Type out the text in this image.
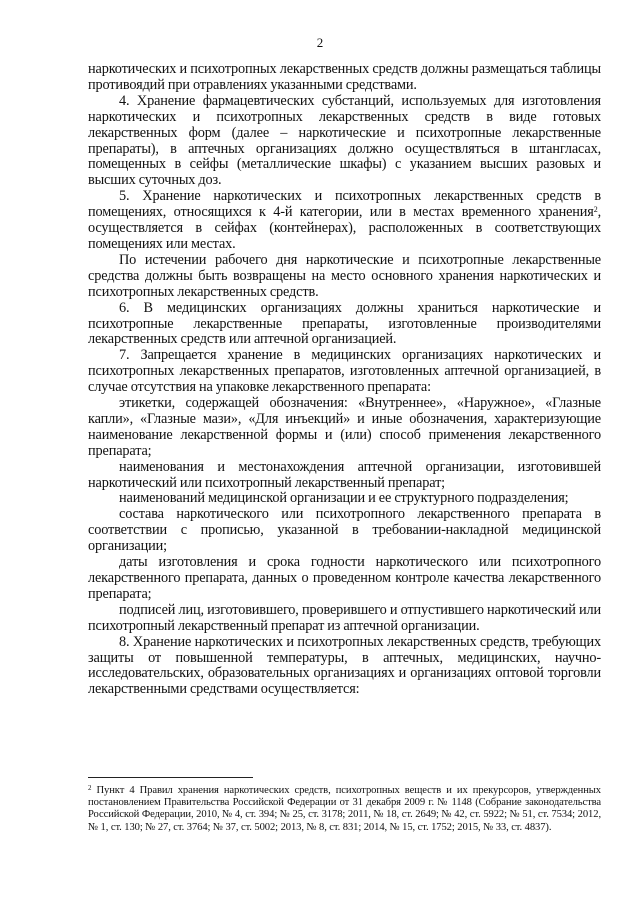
2

наркотических и психотропных лекарственных средств должны размещаться таблицы противоядий при отравлениях указанными средствами.

4. Хранение фармацевтических субстанций, используемых для изготовления наркотических и психотропных лекарственных средств в виде готовых лекарственных форм (далее – наркотические и психотропные лекарственные препараты), в аптечных организациях должно осуществляться в штангласах, помещенных в сейфы (металлические шкафы) с указанием высших разовых и высших суточных доз.

5. Хранение наркотических и психотропных лекарственных средств в помещениях, относящихся к 4-й категории, или в местах временного хранения$^2$, осуществляется в сейфах (контейнерах), расположенных в соответствующих помещениях или местах.

По истечении рабочего дня наркотические и психотропные лекарственные средства должны быть возвращены на место основного хранения наркотических и психотропных лекарственных средств.

6. В медицинских организациях должны храниться наркотические и психотропные лекарственные препараты, изготовленные производителями лекарственных средств или аптечной организацией.

7. Запрещается хранение в медицинских организациях наркотических и психотропных лекарственных препаратов, изготовленных аптечной организацией, в случае отсутствия на упаковке лекарственного препарата:

этикетки, содержащей обозначения: «Внутреннее», «Наружное», «Глазные капли», «Глазные мази», «Для инъекций» и иные обозначения, характеризующие наименование лекарственной формы и (или) способ применения лекарственного препарата;

наименования и местонахождения аптечной организации, изготовившей наркотический или психотропный лекарственный препарат;

наименований медицинской организации и ее структурного подразделения;

состава наркотического или психотропного лекарственного препарата в соответствии с прописью, указанной в требовании-накладной медицинской организации;

даты изготовления и срока годности наркотического или психотропного лекарственного препарата, данных о проведенном контроле качества лекарственного препарата;

подписей лиц, изготовившего, проверившего и отпустившего наркотический или психотропный лекарственный препарат из аптечной организации.

8. Хранение наркотических и психотропных лекарственных средств, требующих защиты от повышенной температуры, в аптечных, медицинских, научно-исследовательских, образовательных организациях и организациях оптовой торговли лекарственными средствами осуществляется:

$^2$ Пункт 4 Правил хранения наркотических средств, психотропных веществ и их прекурсоров, утвержденных постановлением Правительства Российской Федерации от 31 декабря 2009 г. № 1148 (Собрание законодательства Российской Федерации, 2010, № 4, ст. 394; № 25, ст. 3178; 2011, № 18, ст. 2649; № 42, ст. 5922; № 51, ст. 7534; 2012, № 1, ст. 130; № 27, ст. 3764; № 37, ст. 5002; 2013, № 8, ст. 831; 2014, № 15, ст. 1752; 2015, № 33, ст. 4837).
